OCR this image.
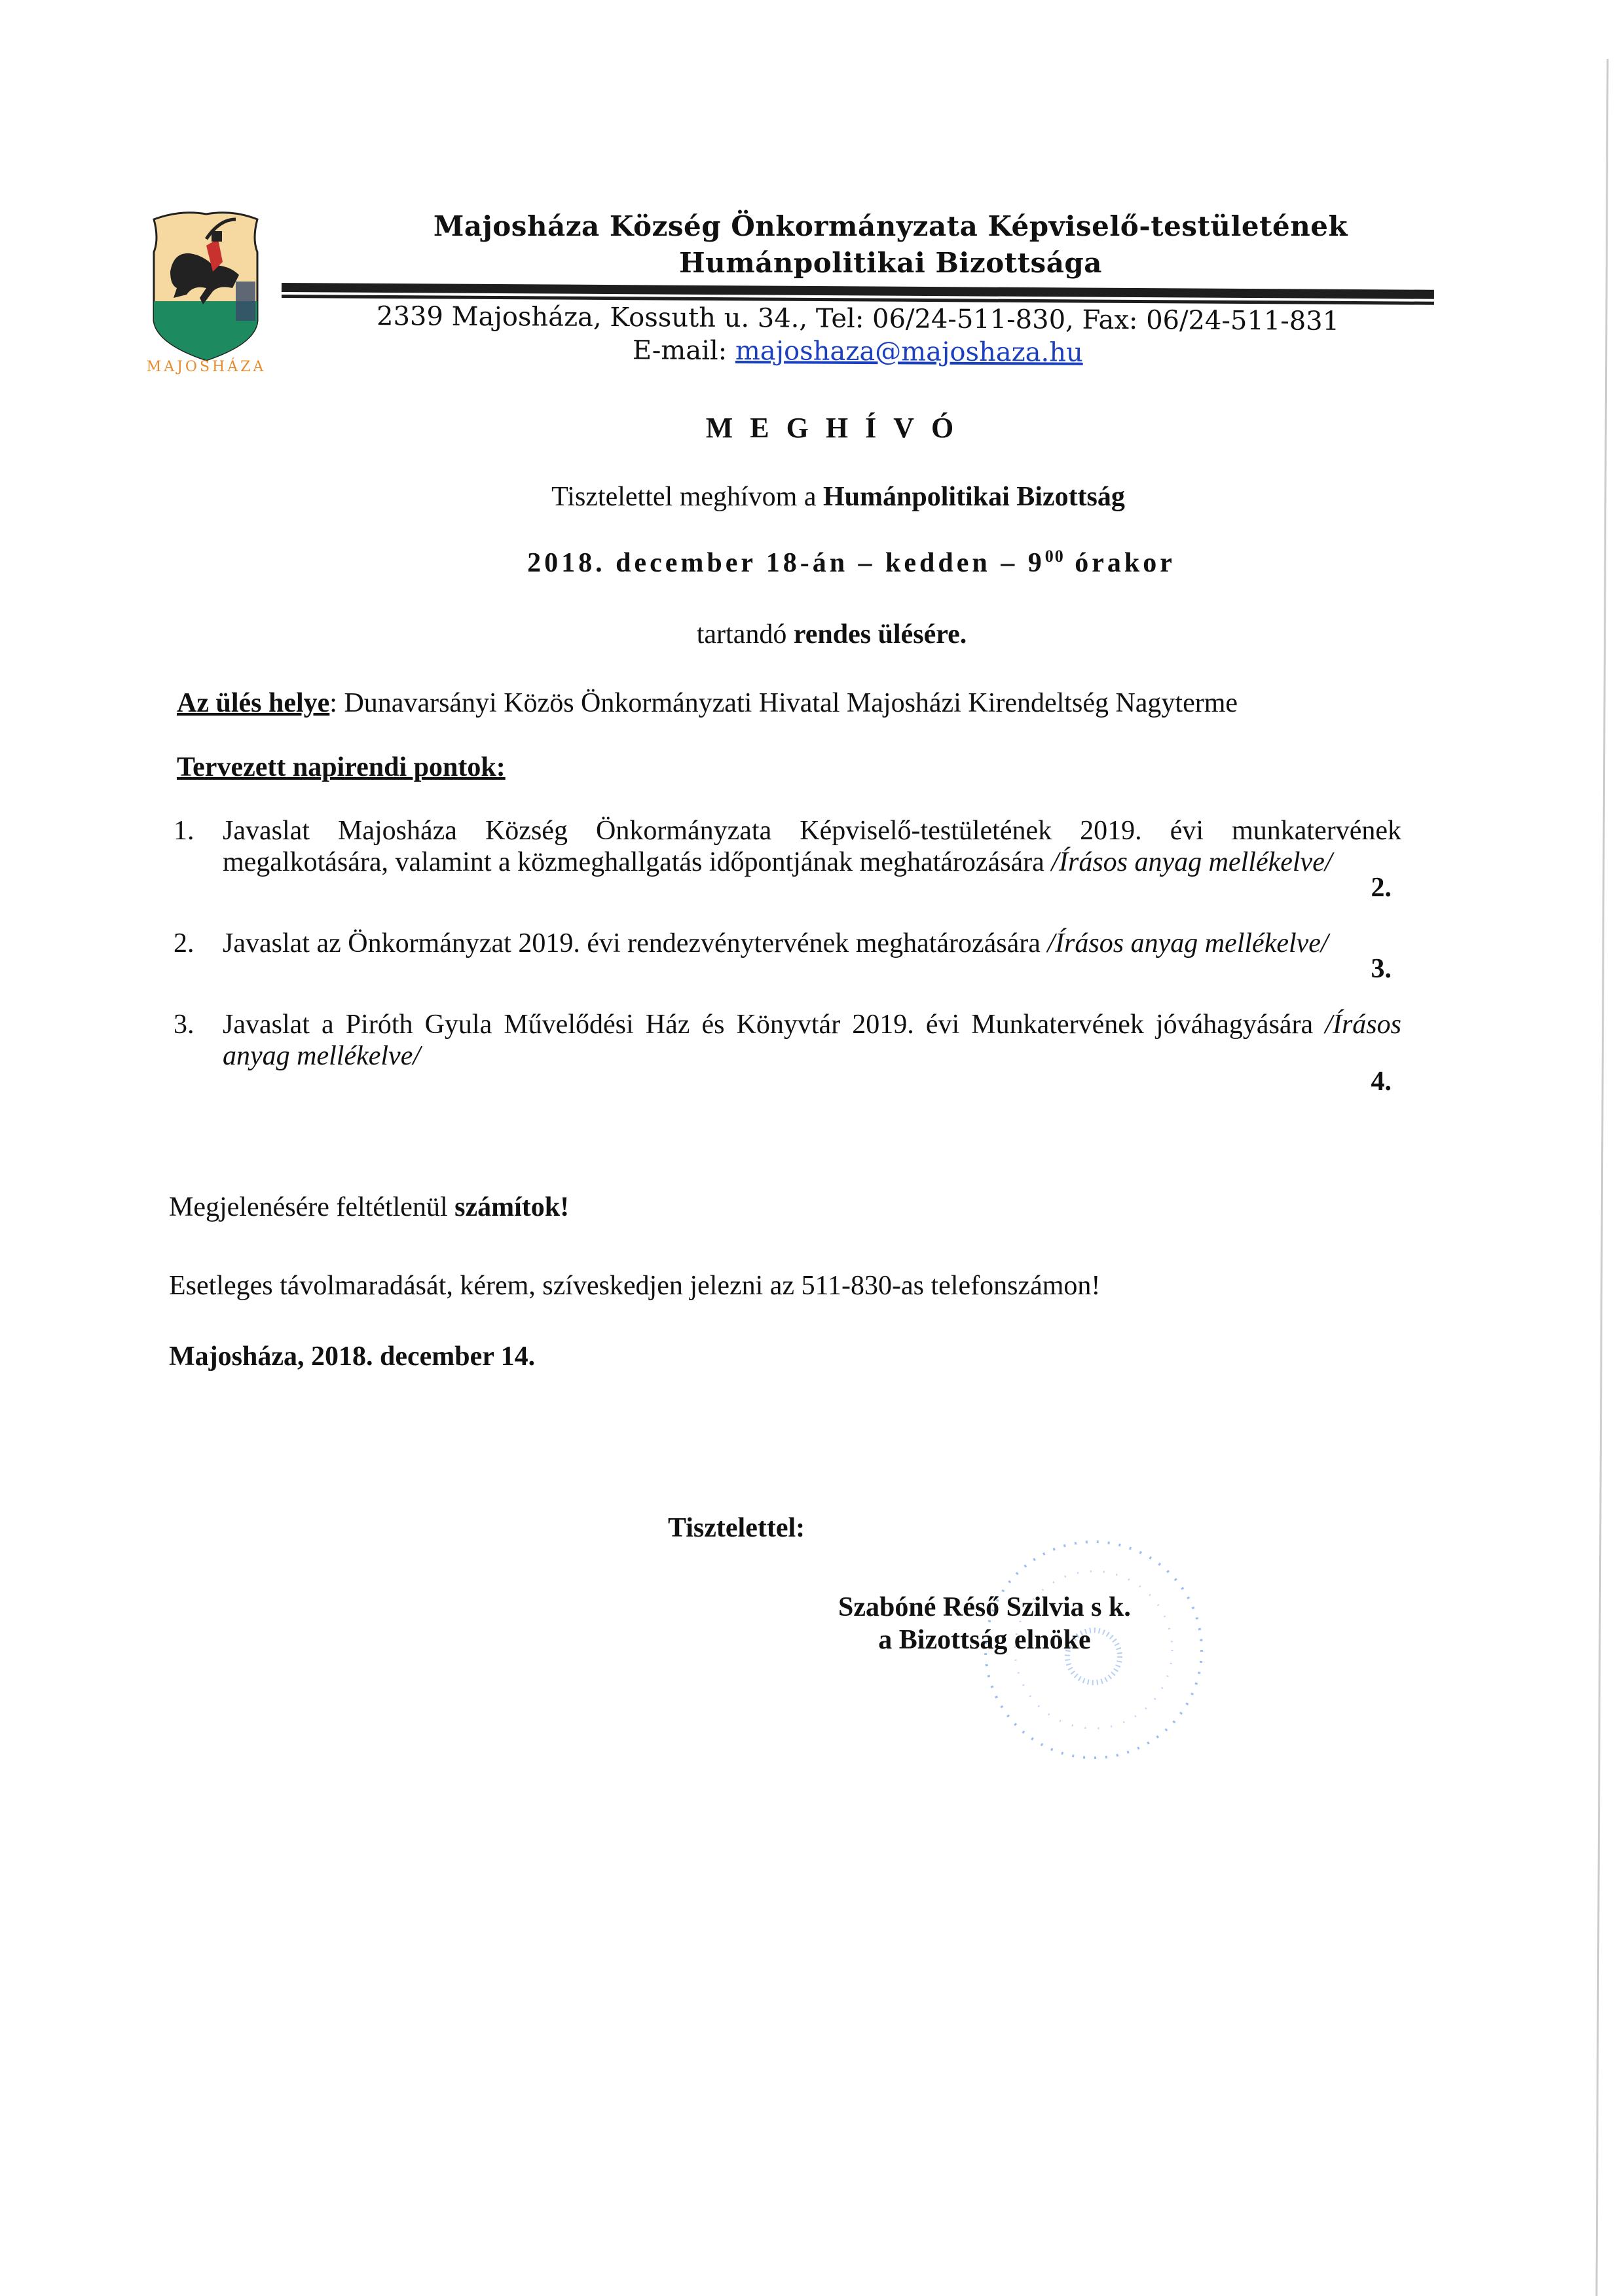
MAJOSHÁZA
Majosháza Község Önkormányzata Képviselő-testületének
Humánpolitikai Bizottsága
2339 Majosháza, Kossuth u. 34., Tel: 06/24-511-830, Fax: 06/24-511-831
E-mail: majoshaza@majoshaza.hu
MEGHÍVÓ
Tisztelettel meghívom a Humánpolitikai Bizottság
2018. december 18-án – kedden – $9^{00}$ órakor
tartandó rendes ülésére.
Az ülés helye: Dunavarsányi Közös Önkormányzati Hivatal Majosházi Kirendeltség Nagyterme
Tervezett napirendi pontok:
1. Javaslat Majosháza Község Önkormányzata Képviselő-testületének 2019. évi munkatervének megalkotására, valamint a közmeghallgatás időpontjának meghatározására /Írásos anyag mellékelve/
2.
2. Javaslat az Önkormányzat 2019. évi rendezvénytervének meghatározására /Írásos anyag mellékelve/
3.
3. Javaslat a Piróth Gyula Művelődési Ház és Könyvtár 2019. évi Munkatervének jóváhagyására /Írásos anyag mellékelve/
4.
Megjelenésére feltétlenül számítok!
Esetleges távolmaradását, kérem, szíveskedjen jelezni az 511-830-as telefonszámon!
Majosháza, 2018. december 14.
Tisztelettel:
Szabóné Réső Szilvia s k.
a Bizottság elnöke
